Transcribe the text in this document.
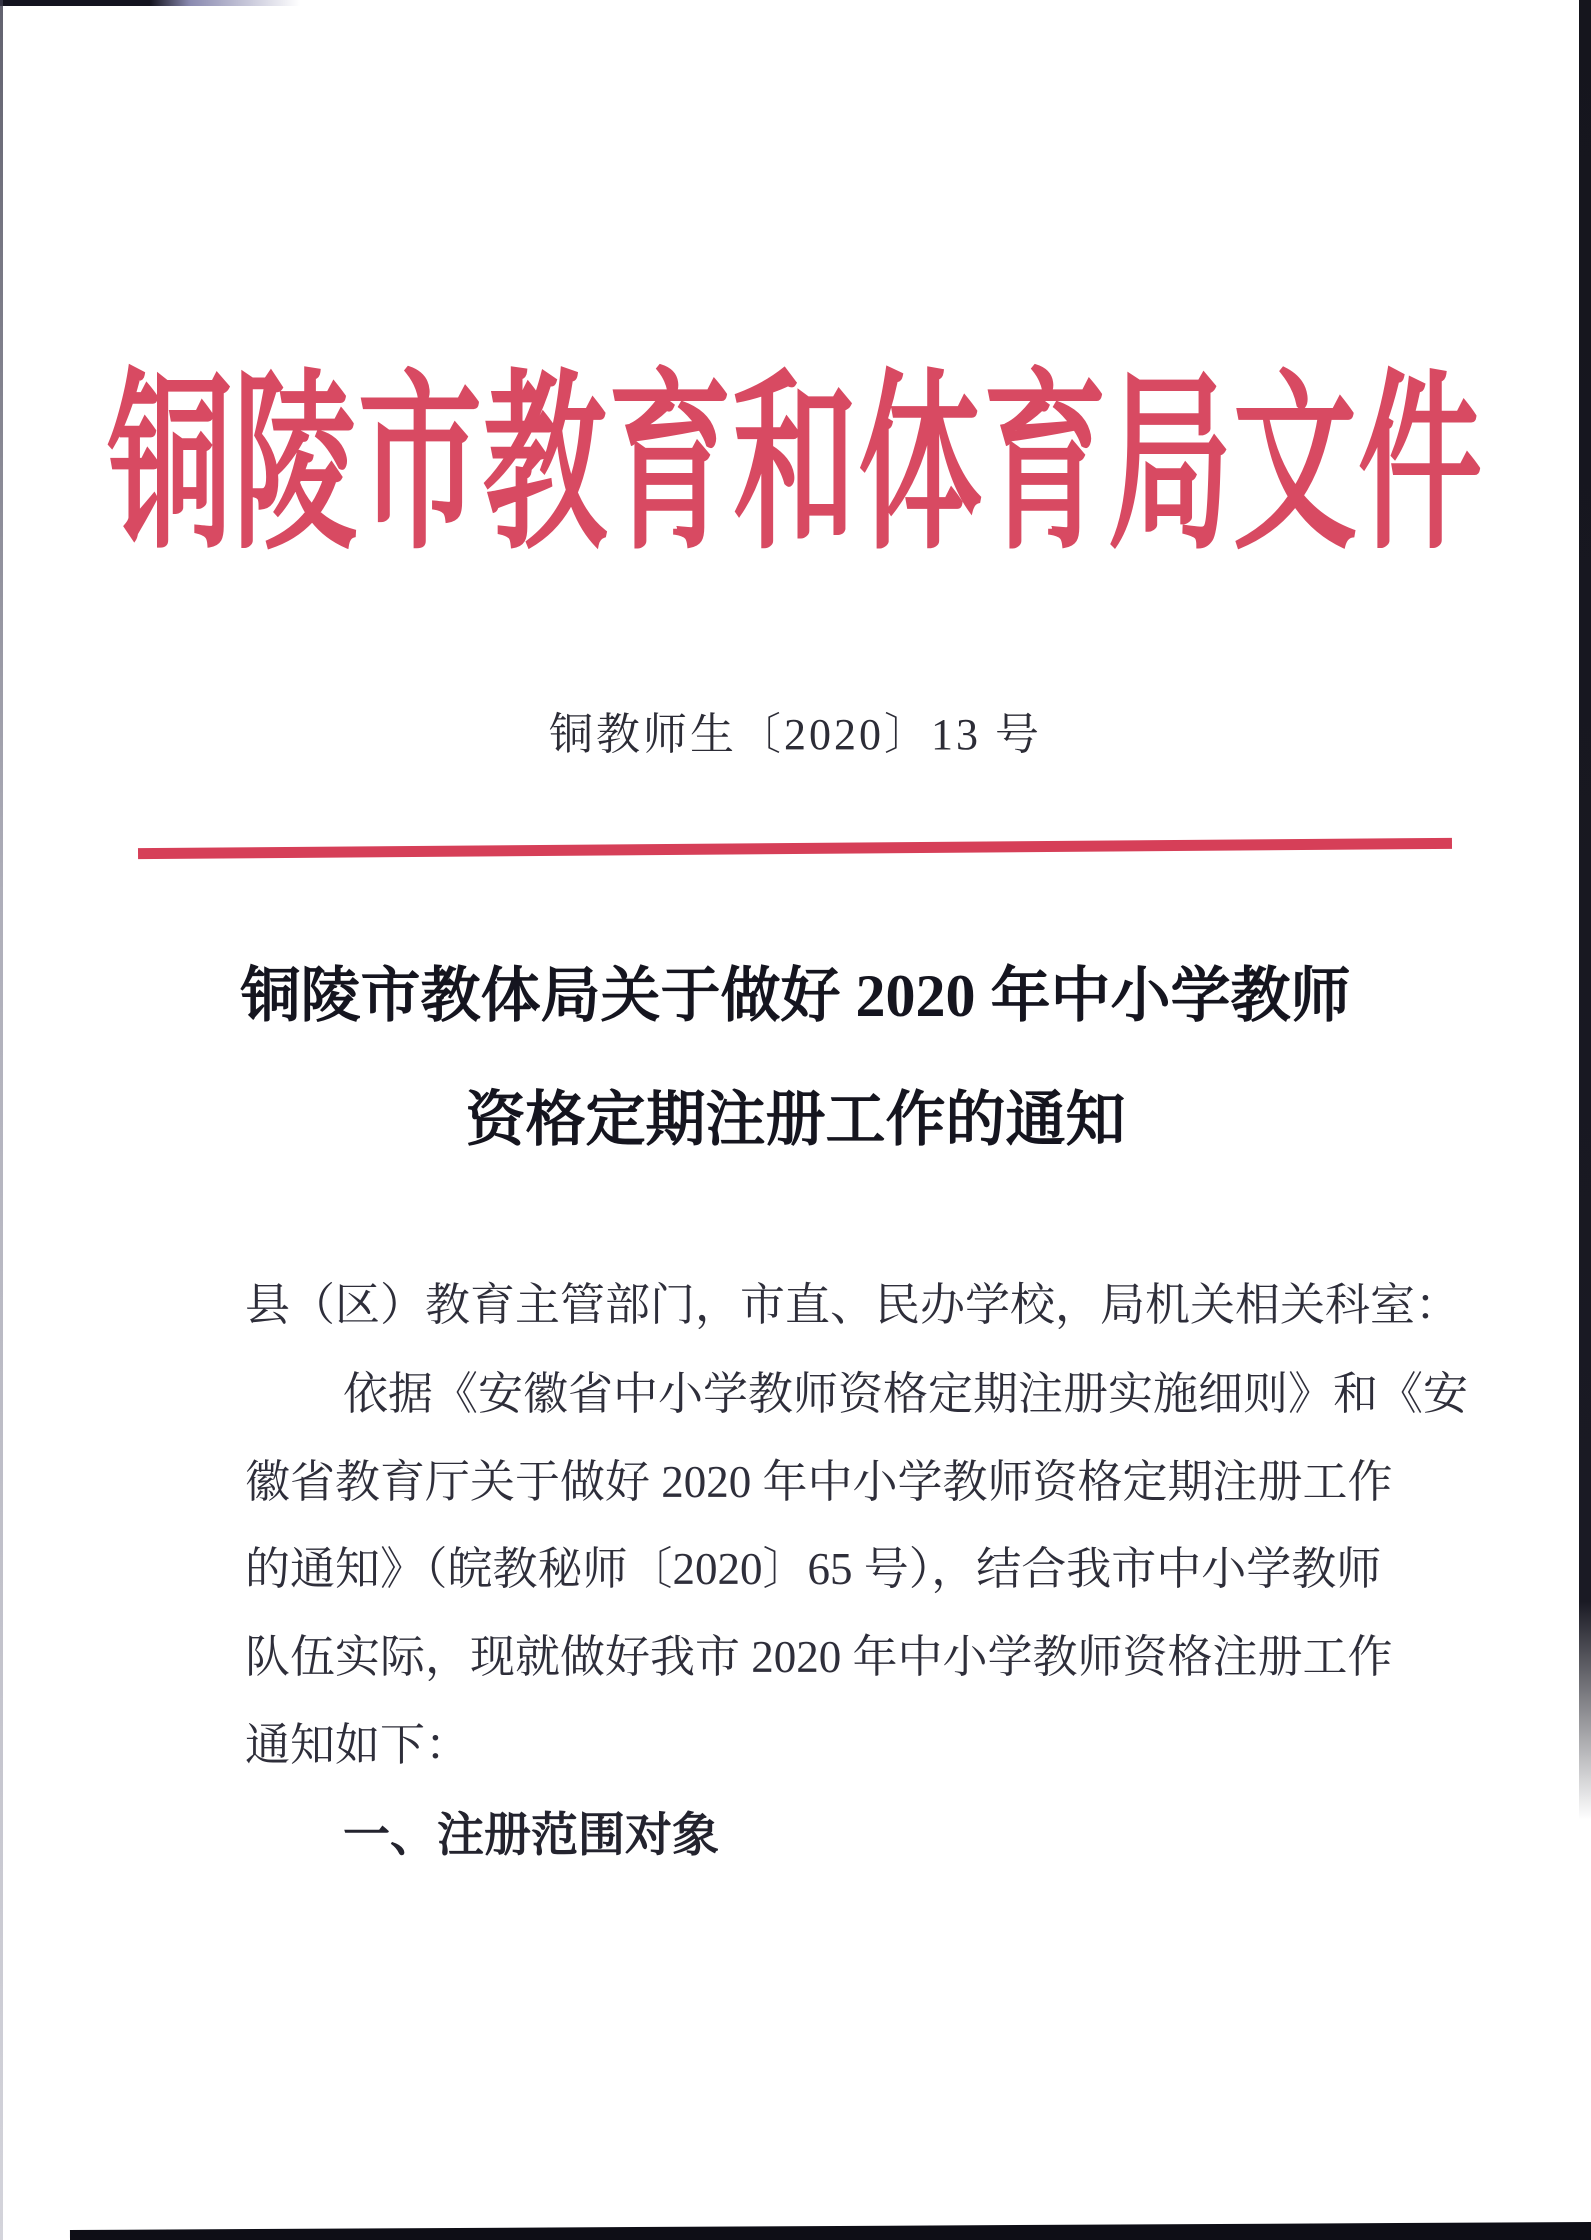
铜陵市教育和体育局文件
铜教师生〔2020〕13 号
铜陵市教体局关于做好 2020 年中小学教师
资格定期注册工作的通知
县（区）教育主管部门，市直、民办学校，局机关相关科室：
依据《安徽省中小学教师资格定期注册实施细则》和《安
徽省教育厅关于做好 2020 年中小学教师资格定期注册工作
的通知》（皖教秘师〔2020〕65 号），结合我市中小学教师
队伍实际，现就做好我市 2020 年中小学教师资格注册工作
通知如下：
一、注册范围对象
